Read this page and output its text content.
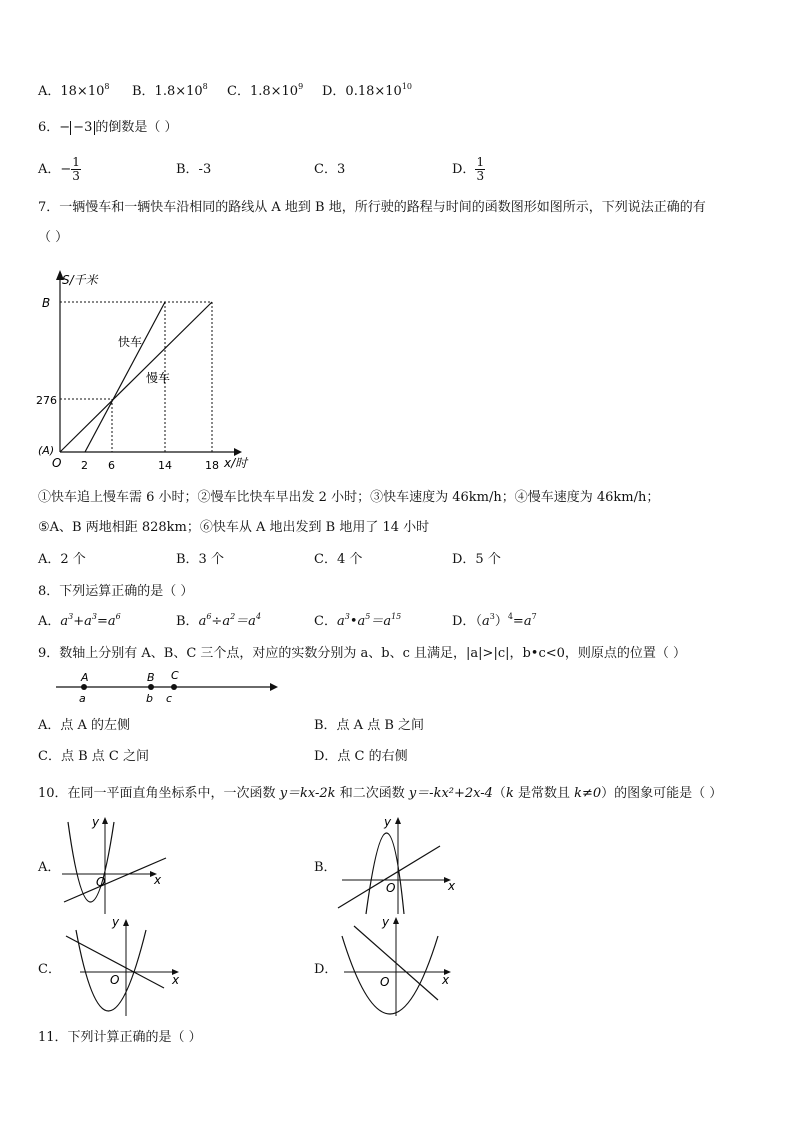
A．$18\times 10^8$ B．$1.8\times 10^8$ C．$1.8\times 10^9$ D．$0.18\times 10^{10}$
6．− −3 的倒数是（ ）
A．− $\frac{1}{3}$	B．-3	C．3	D． $\frac{1}{3}$
7．一辆慢车和一辆快车沿相同的路线从 A 地到 B 地，所行驶的路程与时间的函数图形如图所示，下列说法正确的有
（ ）
S/千米
B
276
(A)
O 2 6	14	18 x/时
快车
慢车
①快车追上慢车需 6 小时；②慢车比快车早出发 2 小时；③快车速度为 46km/h；④慢车速度为 46km/h；
⑤A、B 两地相距 828km；⑥快车从 A 地出发到 B 地用了 14 小时
A．2 个	B．3 个	C．4 个	D．5 个
8．下列运算正确的是（ ）
A．$a^3+a^3=a^6$	B．$a^6\div a^2=a^4$	C．$a^3•a^5=a^{15}$	D．$(a^3)^4=a^7$
9．数轴上分别有 A、B、C 三个点，对应的实数分别为 a、b、c 且满足，|a|>|c|，b•c<0，则原点的位置（ ）
A
a
B
b
C
c
A．点 A 的左侧	B．点 A 点 B 之间
C．点 B 点 C 之间	D．点 C 的右侧
10．在同一平面直角坐标系中，一次函数 y＝kx-2k 和二次函数 y＝-kx²+2x-4（k 是常数且 k≠0）的图象可能是（ ）
A．
O	x
y
B．
O	x
y
C．
O	x
y
D．
O	x
y
11．下列计算正确的是（ ）
